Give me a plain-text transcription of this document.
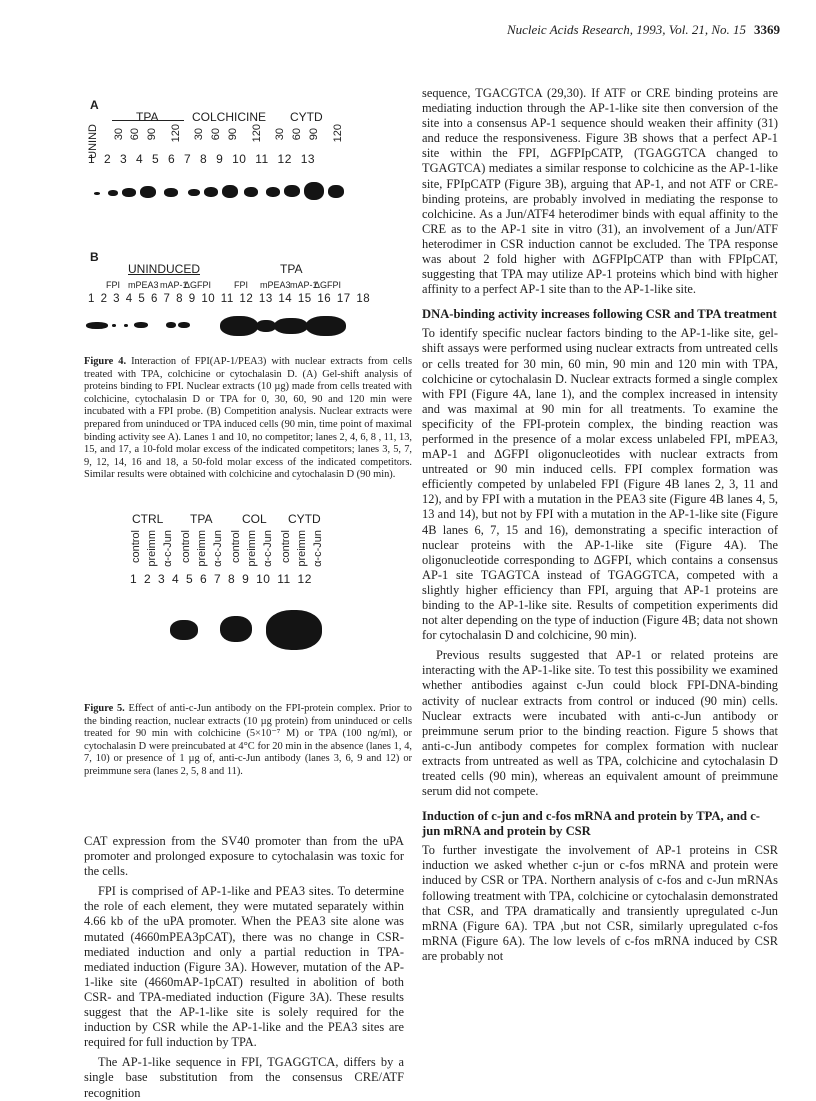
Nucleic Acids Research, 1993, Vol. 21, No. 15 3369
A
TPA	COLCHICINE CYTD
UNIND 30 60 90 120 30 60 90 120 30 60 90 120
1 2 3 4 5 6 7 8 9 10 11 12 13
B
UNINDUCED	TPA
FPI mPEA3 mAP-1
ΔGFPI	FPI mPEA3 mAP-1
ΔGFPI
1 2 3 4 5 6 7 8 9 10 11 12 13 14 15 16 17 18
Figure 4. Interaction of FPI(AP-1/PEA3) with nuclear extracts from cells treated with TPA, colchicine or cytochalasin D. (A) Gel-shift analysis of proteins binding to FPI. Nuclear extracts (10 µg) made from cells treated with colchicine, cytochalasin D or TPA for 0, 30, 60, 90 and 120 min were incubated with a FPI probe. (B) Competition analysis. Nuclear extracts were prepared from uninduced or TPA induced cells (90 min, time point of maximal binding activity see A). Lanes 1 and 10, no competitor; lanes 2, 4, 6, 8 , 11, 13, 15, and 17, a 10-fold molar excess of the indicated competitors; lanes 3, 5, 7, 9, 12, 14, 16 and 18, a 50-fold molar excess of the indicated competitors. Similar results were obtained with colchicine and cytochalasin D (90 min).
CTRL TPA COL CYTD
control preimm α-c-Jun control preimm α-c-Jun control preimm α-c-Jun control preimm α-c-Jun
1 2 3 4 5 6 7 8 9 10 11 12
Figure 5. Effect of anti-c-Jun antibody on the FPI-protein complex. Prior to the binding reaction, nuclear extracts (10 µg protein) from uninduced or cells treated for 90 min with colchicine (5×10⁻⁷ M) or TPA (100 ng/ml), or cytochalasin D were preincubated at 4°C for 20 min in the absence (lanes 1, 4, 7, 10) or presence of 1 µg of, anti-c-Jun antibody (lanes 3, 6, 9 and 12) or preimmune sera (lanes 2, 5, 8 and 11).

CAT expression from the SV40 promoter than from the uPA promoter and prolonged exposure to cytochalasin was toxic for the cells.

FPI is comprised of AP-1-like and PEA3 sites. To determine the role of each element, they were mutated separately within 4.66 kb of the uPA promoter. When the PEA3 site alone was mutated (4660mPEA3pCAT), there was no change in CSR-mediated induction and only a partial reduction in TPA-mediated induction (Figure 3A). However, mutation of the AP-1-like site (4660mAP-1pCAT) resulted in abolition of both CSR- and TPA-mediated induction (Figure 3A). These results suggest that the AP-1-like site is solely required for the induction by CSR while the AP-1-like and the PEA3 sites are required for full induction by TPA.

The AP-1-like sequence in FPI, TGAGGTCA, differs by a single base substitution from the consensus CRE/ATF recognition

sequence, TGACGTCA (29,30). If ATF or CRE binding proteins are mediating induction through the AP-1-like site then conversion of the site into a consensus AP-1 sequence should weaken their affinity (31) and reduce the responsiveness. Figure 3B shows that a perfect AP-1 site within the FPI, ΔGFPIpCATP, (TGAGGTCA changed to TGAGTCA) mediates a similar response to colchicine as the AP-1-like site, FPIpCATP (Figure 3B), arguing that AP-1, and not ATF or CRE-binding proteins, are probably involved in mediating the response to colchicine. As a Jun/ATF4 heterodimer binds with equal affinity to the CRE as to the AP-1 site in vitro (31), an involvement of a Jun/ATF heterodimer in CSR induction cannot be excluded. The TPA response was about 2 fold higher with ΔGFPIpCATP than with FPIpCAT, suggesting that TPA may utilize AP-1 proteins which bind with higher affinity to a perfect AP-1 site than to the AP-1-like site.

DNA-binding activity increases following CSR and TPA treatment

To identify specific nuclear factors binding to the AP-1-like site, gel-shift assays were performed using nuclear extracts from untreated cells or cells treated for 30 min, 60 min, 90 min and 120 min with TPA, colchicine or cytochalasin D. Nuclear extracts formed a single complex with FPI (Figure 4A, lane 1), and the complex increased in intensity and was maximal at 90 min for all treatments. To examine the specificity of the FPI-protein complex, the binding reaction was performed in the presence of a molar excess unlabeled FPI, mPEA3, mAP-1 and ΔGFPI oligonucleotides with nuclear extracts from untreated or 90 min induced cells. FPI complex formation was efficiently competed by unlabeled FPI (Figure 4B lanes 2, 3, 11 and 12), and by FPI with a mutation in the PEA3 site (Figure 4B lanes 4, 5, 13 and 14), but not by FPI with a mutation in the AP-1-like site (Figure 4B lanes 6, 7, 15 and 16), demonstrating a specific interaction of nuclear proteins with the AP-1-like site (Figure 4A). The oligonucleotide corresponding to ΔGFPI, which contains a consensus AP-1 site TGAGTCA instead of TGAGGTCA, competed with a slightly higher efficiency than FPI, arguing that AP-1 proteins are binding to the AP-1-like site. Results of competition experiments did not alter depending on the type of induction (Figure 4B; data not shown for cytochalasin D and colchicine, 90 min).

Previous results suggested that AP-1 or related proteins are interacting with the AP-1-like site. To test this possibility we examined whether antibodies against c-Jun could block FPI-DNA-binding activity of nuclear extracts from control or induced (90 min) cells. Nuclear extracts were incubated with anti-c-Jun antibody or preimmune serum prior to the binding reaction. Figure 5 shows that anti-c-Jun antibody competes for complex formation with nuclear extracts from untreated as well as TPA, colchicine and cytochalasin D treated cells (90 min), whereas an equivalent amount of preimmune serum did not compete.

Induction of c-jun and c-fos mRNA and protein by TPA, and c-jun mRNA and protein by CSR

To further investigate the involvement of AP-1 proteins in CSR induction we asked whether c-jun or c-fos mRNA and protein were induced by CSR or TPA. Northern analysis of c-fos and c-Jun mRNAs following treatment with TPA, colchicine or cytochalasin demonstrated that CSR, and TPA dramatically and transiently upregulated c-Jun mRNA (Figure 6A). TPA ,but not CSR, similarly upregulated c-fos mRNA (Figure 6A). The low levels of c-fos mRNA induced by CSR are probably not
